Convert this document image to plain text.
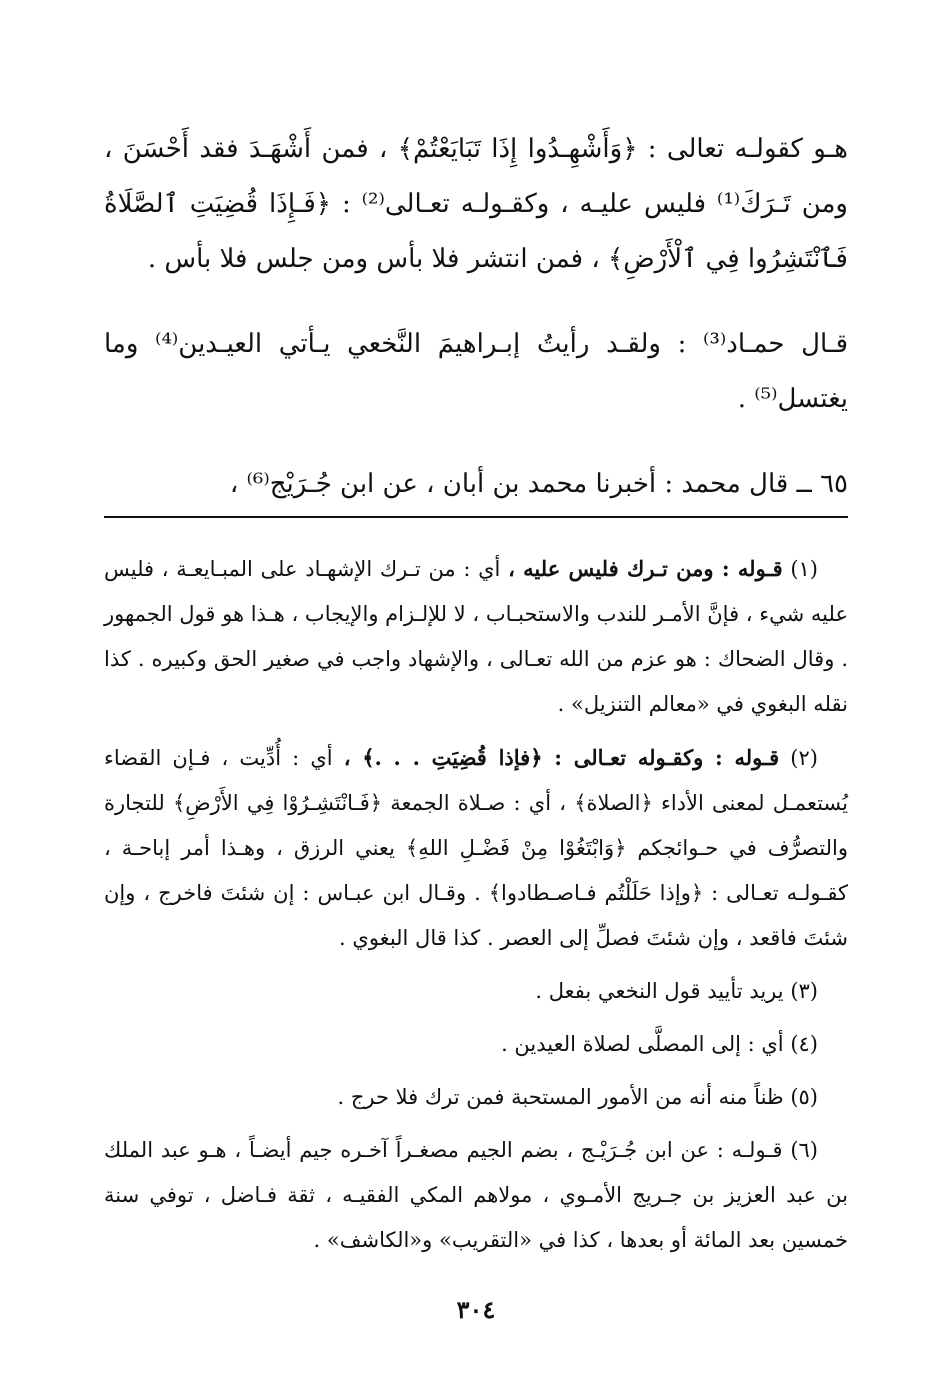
هـو كقولـه تعالى : ﴿وَأَشْهِـدُوا إِذَا تَبَايَعْتُمْ﴾ ، فمن أَشْهَـدَ فقد أَحْسَنَ ، ومن تَـرَكَ⁽¹⁾ فليس عليـه ، وكقـولـه تعـالى⁽²⁾ : ﴿فَـإِذَا قُضِيَتِ ٱلصَّلَاةُ فَٱنْتَشِرُوا فِي ٱلْأَرْضِ﴾ ، فمن انتشر فلا بأس ومن جلس فلا بأس .

قـال حمـاد⁽³⁾ : ولقـد رأيتُ إبـراهيمَ النَّخعي يـأتي العيـدين⁽⁴⁾ وما يغتسل⁽⁵⁾ .

٦٥ ــ قال محمد : أخبرنا محمد بن أبان ، عن ابن جُـرَيْج⁽⁶⁾ ،

(١) قـوله : ومن تـرك فليس عليه ، أي : من تـرك الإشهـاد على المبـايعـة ، فليس عليه شيء ، فإنَّ الأمـر للندب والاستحبـاب ، لا للإلـزام والإيجاب ، هـذا هو قول الجمهور . وقال الضحاك : هو عزم من الله تعـالى ، والإشهاد واجب في صغير الحق وكبيره . كذا نقله البغوي في «معالم التنزيل» .

(٢) قـوله : وكقـوله تعـالى : ﴿فإذا قُضِيَتِ . . .﴾ ، أي : أُدِّيت ، فـإن القضاء يُستعمـل لمعنى الأداء ﴿الصلاة﴾ ، أي : صـلاة الجمعة ﴿فَـانْتَشِـرُوْا فِي الأَرْضِ﴾ للتجارة والتصرُّف في حـوائجكم ﴿وَابْتَغُوْا مِنْ فَضْـلِ اللهِ﴾ يعني الرزق ، وهـذا أمر إباحـة ، كقـولـه تعـالى : ﴿وإذا حَلَلْتُم فـاصـطادوا﴾ . وقـال ابن عبـاس : إن شئتَ فاخرج ، وإن شئتَ فاقعد ، وإن شئتَ فصلِّ إلى العصر . كذا قال البغوي .

(٣) يريد تأييد قول النخعي بفعل .

(٤) أي : إلى المصلَّى لصلاة العيدين .

(٥) ظناً منه أنه من الأمور المستحبة فمن ترك فلا حرج .

(٦) قـولـه : عن ابن جُـرَيْـج ، بضم الجيم مصغـراً آخـره جيم أيضـاً ، هـو عبد الملك بن عبد العزيز بن جـريج الأمـوي ، مولاهم المكي الفقيـه ، ثقة فـاضل ، توفي سنة خمسين بعد المائة أو بعدها ، كذا في «التقريب» و«الكاشف» .

٣٠٤
